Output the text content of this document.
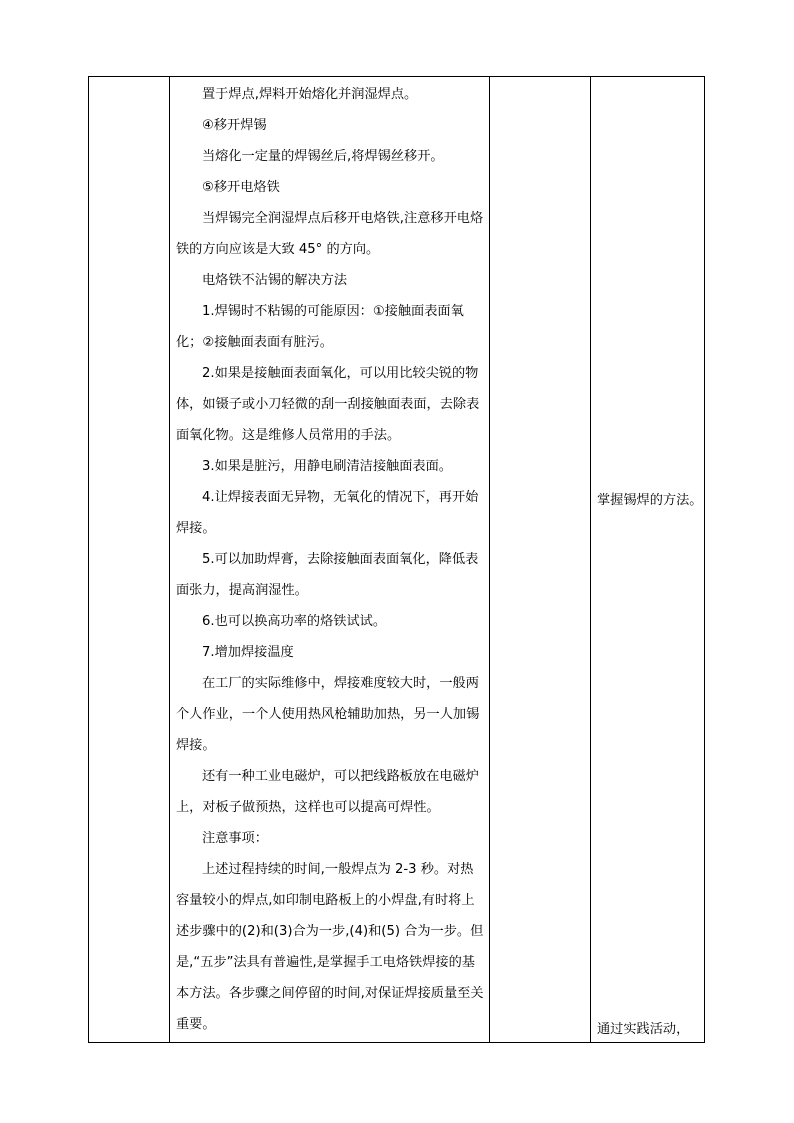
置于焊点,焊料开始熔化并润湿焊点。

④移开焊锡

当熔化一定量的焊锡丝后,将焊锡丝移开。

⑤移开电烙铁

当焊锡完全润湿焊点后移开电烙铁,注意移开电烙铁的方向应该是大致 45° 的方向。

电烙铁不沾锡的解决方法

1.焊锡时不粘锡的可能原因：①接触面表面氧化；②接触面表面有脏污。

2.如果是接触面表面氧化，可以用比较尖锐的物体，如镊子或小刀轻微的刮一刮接触面表面，去除表面氧化物。这是维修人员常用的手法。

3.如果是脏污，用静电刷清洁接触面表面。

4.让焊接表面无异物，无氧化的情况下，再开始焊接。

5.可以加助焊膏，去除接触面表面氧化，降低表面张力，提高润湿性。

6.也可以换高功率的烙铁试试。

7.增加焊接温度

在工厂的实际维修中，焊接难度较大时，一般两个人作业，一个人使用热风枪辅助加热，另一人加锡焊接。

还有一种工业电磁炉，可以把线路板放在电磁炉上，对板子做预热，这样也可以提高可焊性。

注意事项：

上述过程持续的时间,一般焊点为 2-3 秒。对热容量较小的焊点,如印制电路板上的小焊盘,有时将上述步骤中的(2)和(3)合为一步,(4)和(5) 合为一步。但是,“五步”法具有普遍性,是掌握手工电烙铁焊接的基本方法。各步骤之间停留的时间,对保证焊接质量至关重要。

掌握锡焊的方法。
通过实践活动，
